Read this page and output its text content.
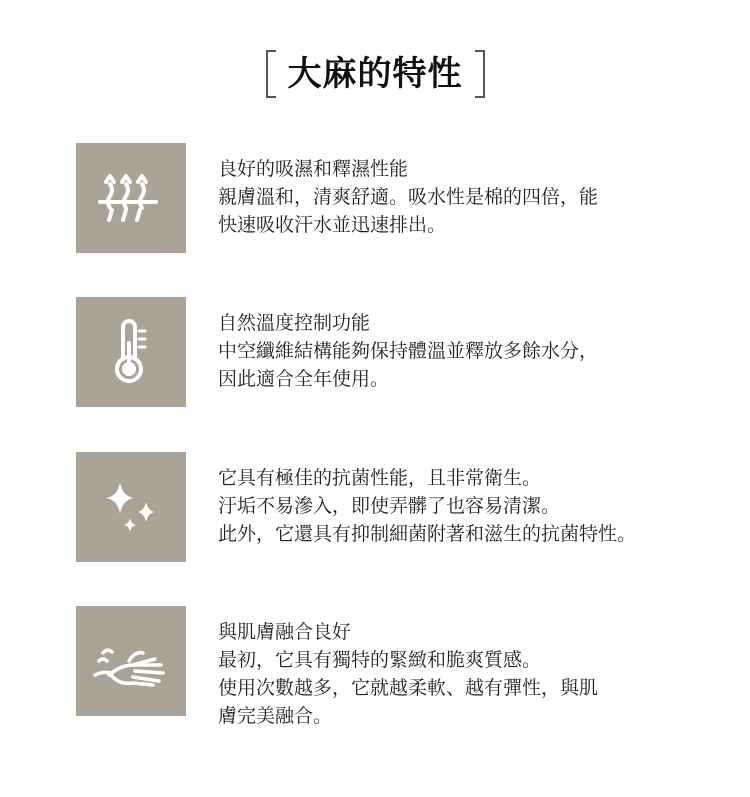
大麻的特性
良好的吸濕和釋濕性能
親膚溫和，清爽舒適。吸水性是棉的四倍，能
快速吸收汗水並迅速排出。
自然溫度控制功能
中空纖維結構能夠保持體溫並釋放多餘水分，
因此適合全年使用。
它具有極佳的抗菌性能，且非常衛生。
汙垢不易滲入，即使弄髒了也容易清潔。
此外，它還具有抑制細菌附著和滋生的抗菌特性。
與肌膚融合良好
最初，它具有獨特的緊緻和脆爽質感。
使用次數越多，它就越柔軟、越有彈性，與肌
膚完美融合。
